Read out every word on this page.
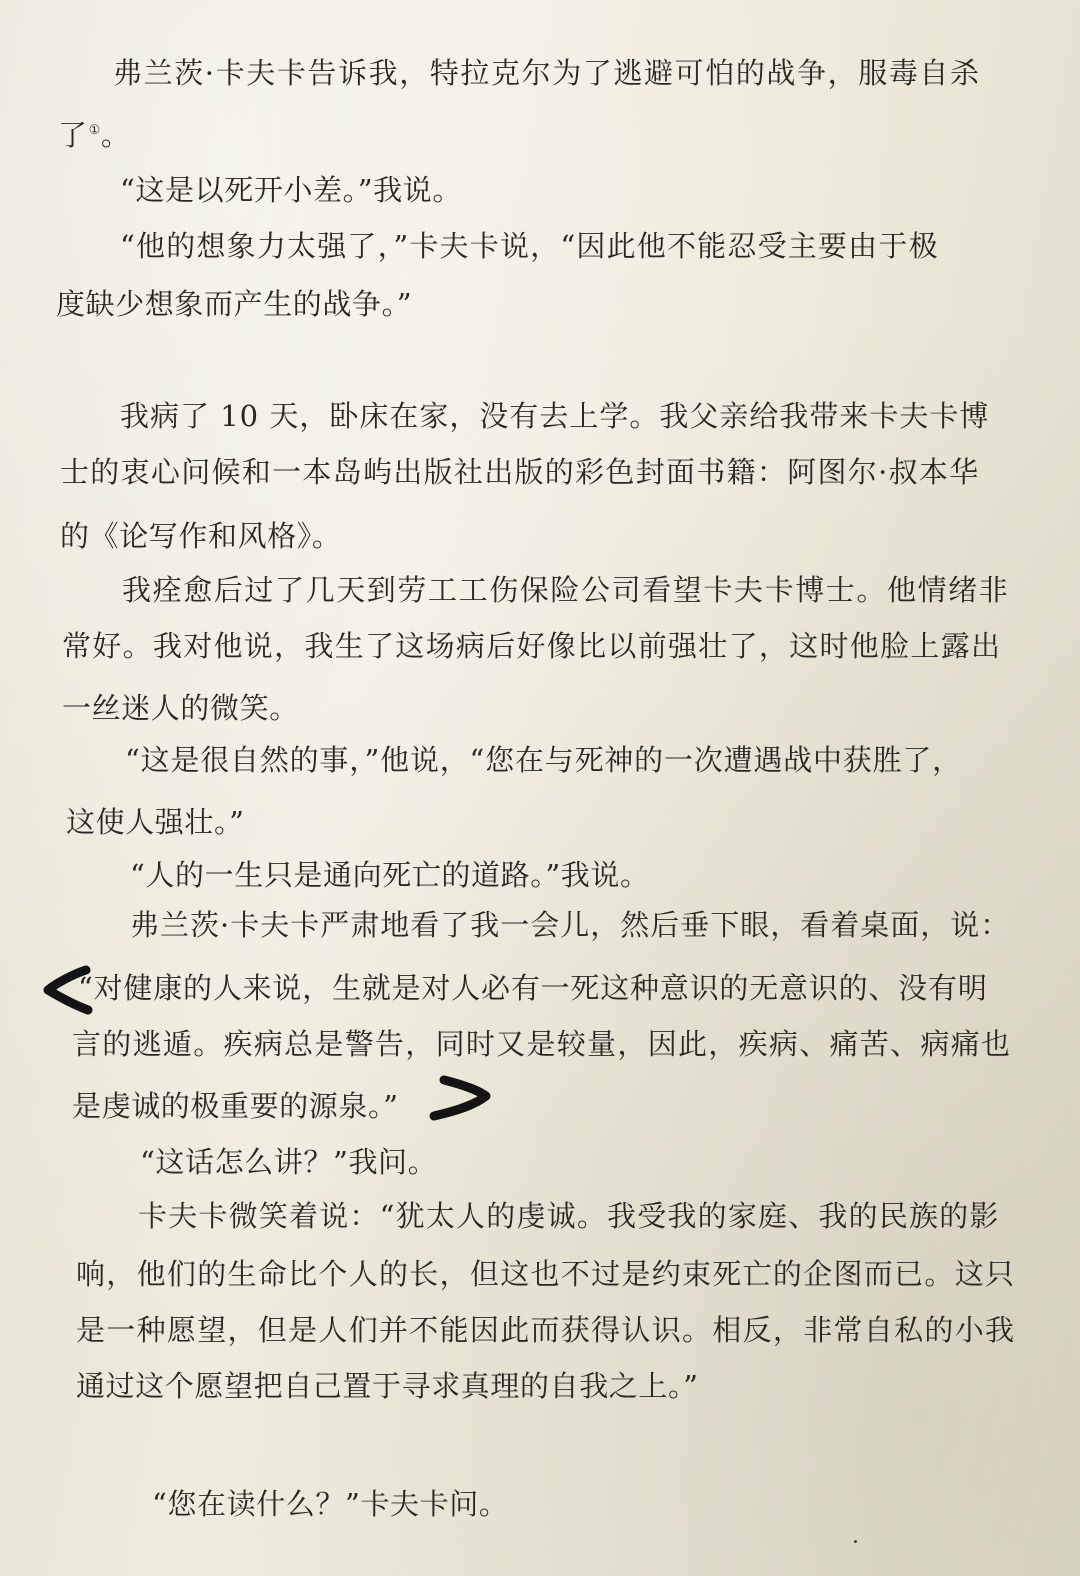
弗兰茨·卡夫卡告诉我，特拉克尔为了逃避可怕的战争，服毒自杀
了①。
“这是以死开小差。”我说。
“他的想象力太强了，”卡夫卡说，“因此他不能忍受主要由于极
度缺少想象而产生的战争。”
我病了 10 天，卧床在家，没有去上学。我父亲给我带来卡夫卡博
士的衷心问候和一本岛屿出版社出版的彩色封面书籍：阿图尔·叔本华
的《论写作和风格》。
我痊愈后过了几天到劳工工伤保险公司看望卡夫卡博士。他情绪非
常好。我对他说，我生了这场病后好像比以前强壮了，这时他脸上露出
一丝迷人的微笑。
“这是很自然的事，”他说，“您在与死神的一次遭遇战中获胜了，
这使人强壮。”
“人的一生只是通向死亡的道路。”我说。
弗兰茨·卡夫卡严肃地看了我一会儿，然后垂下眼，看着桌面，说：
“对健康的人来说，生就是对人必有一死这种意识的无意识的、没有明
言的逃遁。疾病总是警告，同时又是较量，因此，疾病、痛苦、病痛也
是虔诚的极重要的源泉。”
“这话怎么讲？”我问。
卡夫卡微笑着说：“犹太人的虔诚。我受我的家庭、我的民族的影
响，他们的生命比个人的长，但这也不过是约束死亡的企图而已。这只
是一种愿望，但是人们并不能因此而获得认识。相反，非常自私的小我
通过这个愿望把自己置于寻求真理的自我之上。”
“您在读什么？”卡夫卡问。
